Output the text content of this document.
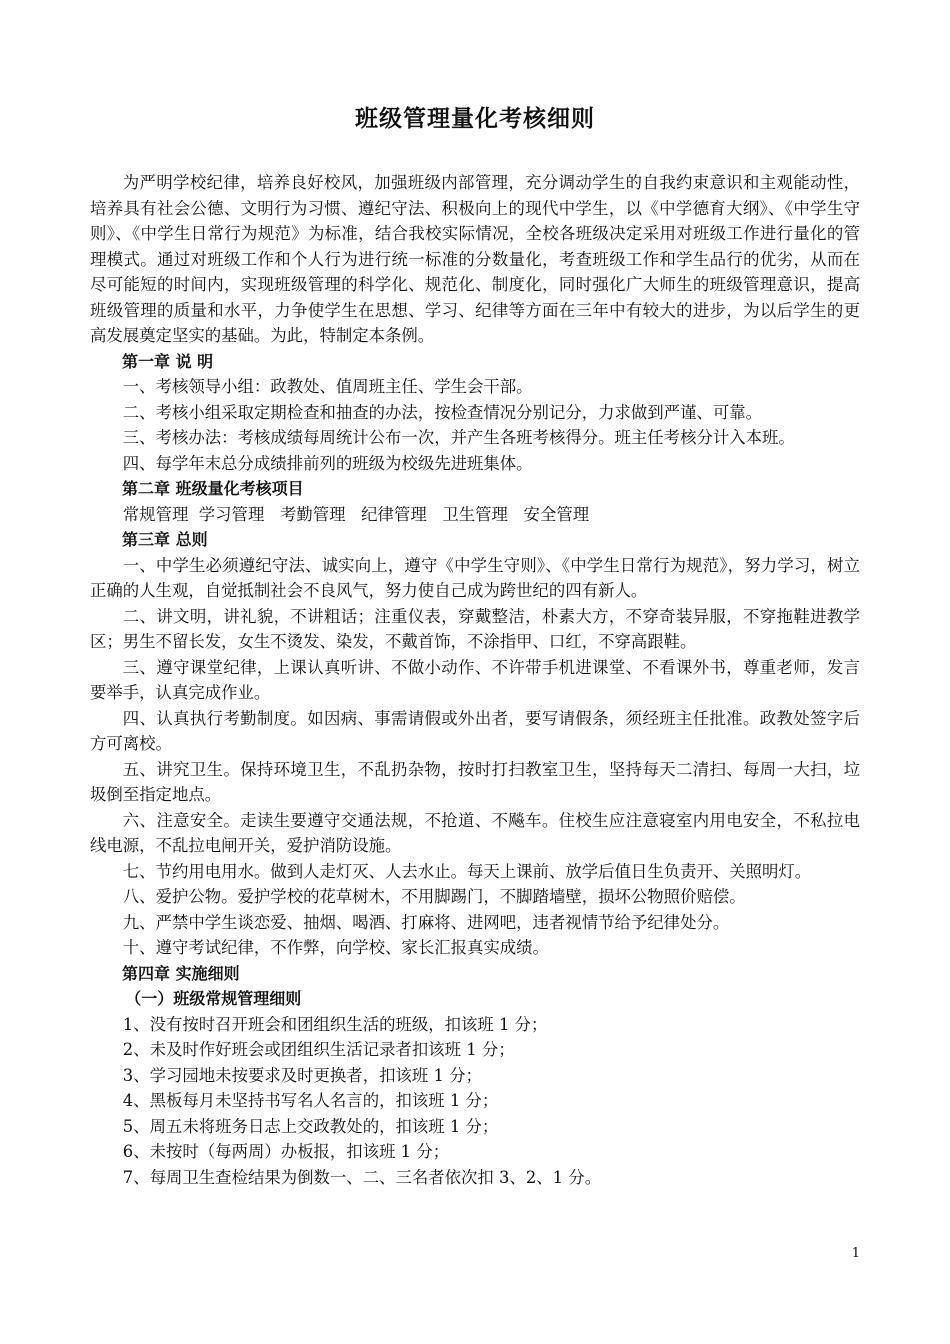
班级管理量化考核细则

为严明学校纪律，培养良好校风，加强班级内部管理，充分调动学生的自我约束意识和主观能动性，培养具有社会公德、文明行为习惯、遵纪守法、积极向上的现代中学生，以《中学德育大纲》、《中学生守则》、《中学生日常行为规范》为标准，结合我校实际情况，全校各班级决定采用对班级工作进行量化的管理模式。通过对班级工作和个人行为进行统一标准的分数量化，考查班级工作和学生品行的优劣，从而在尽可能短的时间内，实现班级管理的科学化、规范化、制度化，同时强化广大师生的班级管理意识，提高班级管理的质量和水平，力争使学生在思想、学习、纪律等方面在三年中有较大的进步，为以后学生的更高发展奠定坚实的基础。为此，特制定本条例。

第一章 说 明

一、考核领导小组：政教处、值周班主任、学生会干部。

二、考核小组采取定期检查和抽查的办法，按检查情况分别记分，力求做到严谨、可靠。

三、考核办法：考核成绩每周统计公布一次，并产生各班考核得分。班主任考核分计入本班。

四、每学年末总分成绩排前列的班级为校级先进班集体。

第二章 班级量化考核项目

常规管理  学习管理   考勤管理   纪律管理   卫生管理   安全管理

第三章 总则

一、中学生必须遵纪守法、诚实向上，遵守《中学生守则》、《中学生日常行为规范》，努力学习，树立正确的人生观，自觉抵制社会不良风气，努力使自己成为跨世纪的四有新人。

二、讲文明，讲礼貌，不讲粗话；注重仪表，穿戴整洁，朴素大方，不穿奇装异服，不穿拖鞋进教学区；男生不留长发，女生不烫发、染发，不戴首饰，不涂指甲、口红，不穿高跟鞋。

三、遵守课堂纪律，上课认真听讲、不做小动作、不许带手机进课堂、不看课外书，尊重老师，发言要举手，认真完成作业。

四、认真执行考勤制度。如因病、事需请假或外出者，要写请假条，须经班主任批准。政教处签字后方可离校。

五、讲究卫生。保持环境卫生，不乱扔杂物，按时打扫教室卫生，坚持每天二清扫、每周一大扫，垃圾倒至指定地点。

六、注意安全。走读生要遵守交通法规，不抢道、不飚车。住校生应注意寝室内用电安全，不私拉电线电源，不乱拉电闸开关，爱护消防设施。

七、节约用电用水。做到人走灯灭、人去水止。每天上课前、放学后值日生负责开、关照明灯。

八、爱护公物。爱护学校的花草树木，不用脚踢门，不脚踏墙壁，损坏公物照价赔偿。

九、严禁中学生谈恋爱、抽烟、喝酒、打麻将、进网吧，违者视情节给予纪律处分。

十、遵守考试纪律，不作弊，向学校、家长汇报真实成绩。

第四章 实施细则

（一）班级常规管理细则

1、没有按时召开班会和团组织生活的班级，扣该班 1 分；

2、未及时作好班会或团组织生活记录者扣该班 1 分；

3、学习园地未按要求及时更换者，扣该班 1 分；

4、黑板每月未坚持书写名人名言的，扣该班 1 分；

5、周五未将班务日志上交政教处的，扣该班 1 分；

6、未按时（每两周）办板报，扣该班 1 分；

7、每周卫生查检结果为倒数一、二、三名者依次扣 3、2、1 分。

1
